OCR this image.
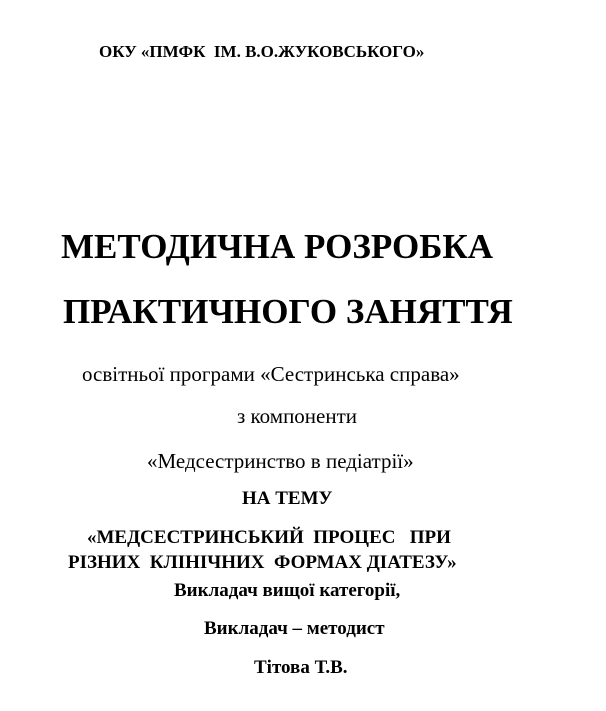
ОКУ «ПМФК  ІМ. В.О.ЖУКОВСЬКОГО»
МЕТОДИЧНА РОЗРОБКА
ПРАКТИЧНОГО ЗАНЯТТЯ
освітньої програми «Сестринська справа»
з компоненти
«Медсестринство в педіатрії»
НА ТЕМУ
«МЕДСЕСТРИНСЬКИЙ  ПРОЦЕС   ПРИ
РІЗНИХ  КЛІНІЧНИХ  ФОРМАХ ДІАТЕЗУ»
Викладач вищої категорії,
Викладач – методист
Тітова Т.В.
